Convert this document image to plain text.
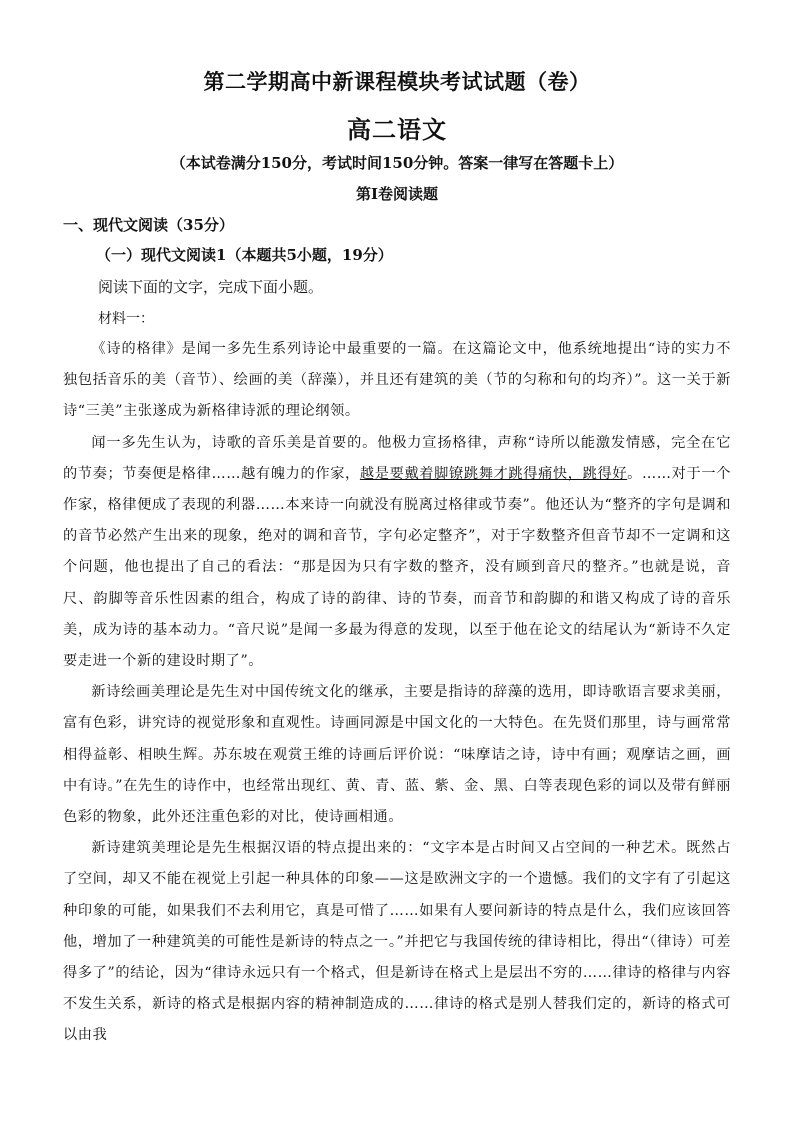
第二学期高中新课程模块考试试题（卷）
高二语文
（本试卷满分150分，考试时间150分钟。答案一律写在答题卡上）
第Ⅰ卷阅读题
一、现代文阅读（35分）
（一）现代文阅读1（本题共5小题，19分）
阅读下面的文字，完成下面小题。
材料一：

《诗的格律》是闻一多先生系列诗论中最重要的一篇。在这篇论文中，他系统地提出“诗的实力不独包括音乐的美（音节）、绘画的美（辞藻），并且还有建筑的美（节的匀称和句的均齐）”。这一关于新诗“三美”主张遂成为新格律诗派的理论纲领。

闻一多先生认为，诗歌的音乐美是首要的。他极力宣扬格律，声称“诗所以能激发情感，完全在它的节奏；节奏便是格律……越有魄力的作家，越是要戴着脚镣跳舞才跳得痛快，跳得好。……对于一个作家，格律便成了表现的利器……本来诗一向就没有脱离过格律或节奏”。他还认为“整齐的字句是调和的音节必然产生出来的现象，绝对的调和音节，字句必定整齐”，对于字数整齐但音节却不一定调和这个问题，他也提出了自己的看法：“那是因为只有字数的整齐，没有顾到音尺的整齐。”也就是说，音尺、韵脚等音乐性因素的组合，构成了诗的韵律、诗的节奏，而音节和韵脚的和谐又构成了诗的音乐美，成为诗的基本动力。“音尺说”是闻一多最为得意的发现，以至于他在论文的结尾认为“新诗不久定要走进一个新的建设时期了”。

新诗绘画美理论是先生对中国传统文化的继承，主要是指诗的辞藻的选用，即诗歌语言要求美丽，富有色彩，讲究诗的视觉形象和直观性。诗画同源是中国文化的一大特色。在先贤们那里，诗与画常常相得益彰、相映生辉。苏东坡在观赏王维的诗画后评价说：“味摩诘之诗，诗中有画；观摩诘之画，画中有诗。”在先生的诗作中，也经常出现红、黄、青、蓝、紫、金、黑、白等表现色彩的词以及带有鲜丽色彩的物象，此外还注重色彩的对比，使诗画相通。

新诗建筑美理论是先生根据汉语的特点提出来的：“文字本是占时间又占空间的一种艺术。既然占了空间，却又不能在视觉上引起一种具体的印象——这是欧洲文字的一个遗憾。我们的文字有了引起这种印象的可能，如果我们不去利用它，真是可惜了……如果有人要问新诗的特点是什么，我们应该回答他，增加了一种建筑美的可能性是新诗的特点之一。”并把它与我国传统的律诗相比，得出“（律诗）可差得多了”的结论，因为“律诗永远只有一个格式，但是新诗在格式上是层出不穷的……律诗的格律与内容不发生关系，新诗的格式是根据内容的精神制造成的……律诗的格式是别人替我们定的，新诗的格式可以由我
